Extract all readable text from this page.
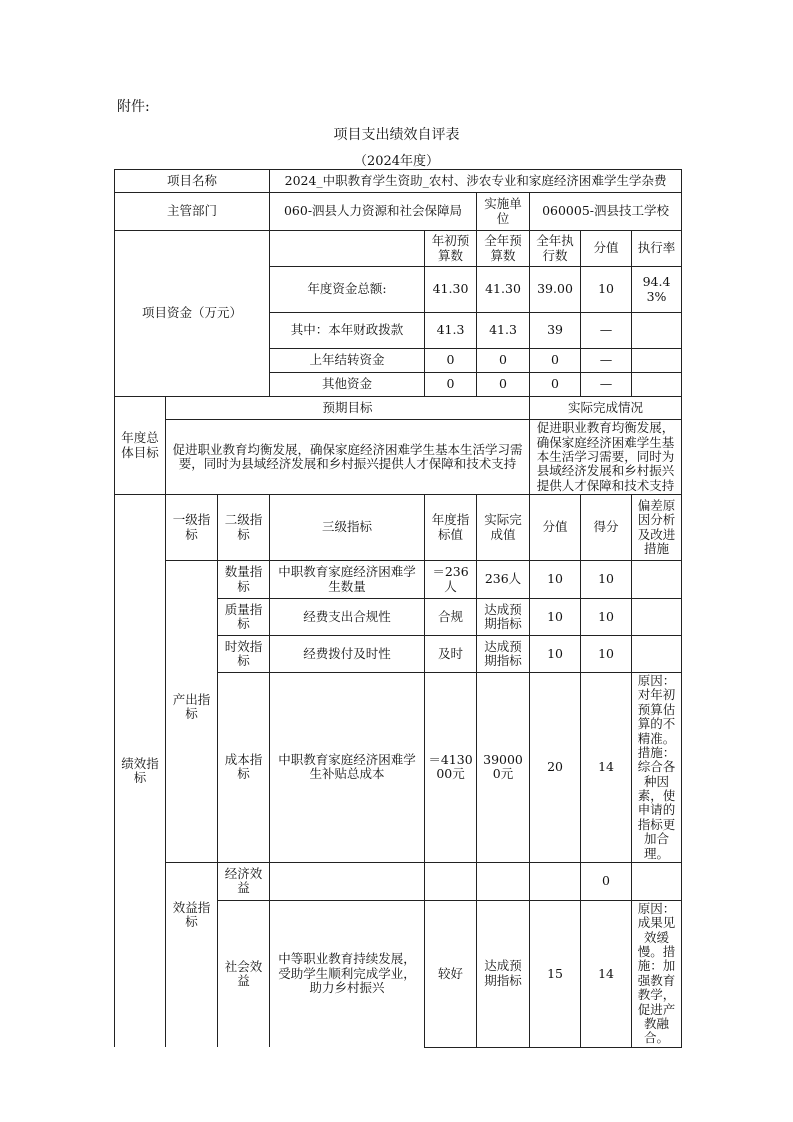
附件:
项目支出绩效自评表
（2024年度）
项目名称			2024_中职教育学生资助_农村、涉农专业和家庭经济困难学生学杂费						
主管部门			060-泗县人力资源和社会保障局		实施单位	060005-泗县技工学校			
项目资金（万元）				年初预算数	全年预算数	全年执行数	分值	执行率	
			年度资金总额:	41.30	41.30	39.00	10	94.43%	
			其中：本年财政拨款	41.3	41.3	39	—		
			上年结转资金	0	0	0	—		
			其他资金	0	0	0	—		
年度总体目标	预期目标					实际完成情况			
	促进职业教育均衡发展，确保家庭经济困难学生基本生活学习需要，同时为县域经济发展和乡村振兴提供人才保障和技术支持					促进职业教育均衡发展，确保家庭经济困难学生基本生活学习需要，同时为县域经济发展和乡村振兴提供人才保障和技术支持			
绩效指标	一级指标	二级指标	三级指标	年度指标值	实际完成值	分值	得分	偏差原因分析及改进措施	
	产出指标	数量指标	中职教育家庭经济困难学生数量	＝236人	236人	10	10		
		质量指标	经费支出合规性	合规	达成预期指标	10	10		
		时效指标	经费拨付及时性	及时	达成预期指标	10	10		
		成本指标	中职教育家庭经济困难学生补贴总成本	＝413000元	390000元	20	14	原因：对年初预算估算的不精准。措施：综合各种因素，使申请的指标更加合理。	
	效益指标	经济效益					0		
		社会效益	中等职业教育持续发展，受助学生顺利完成学业，助力乡村振兴	较好	达成预期指标	15	14	原因：成果见效缓慢。措施：加强教育教学，促进产教融合。	
